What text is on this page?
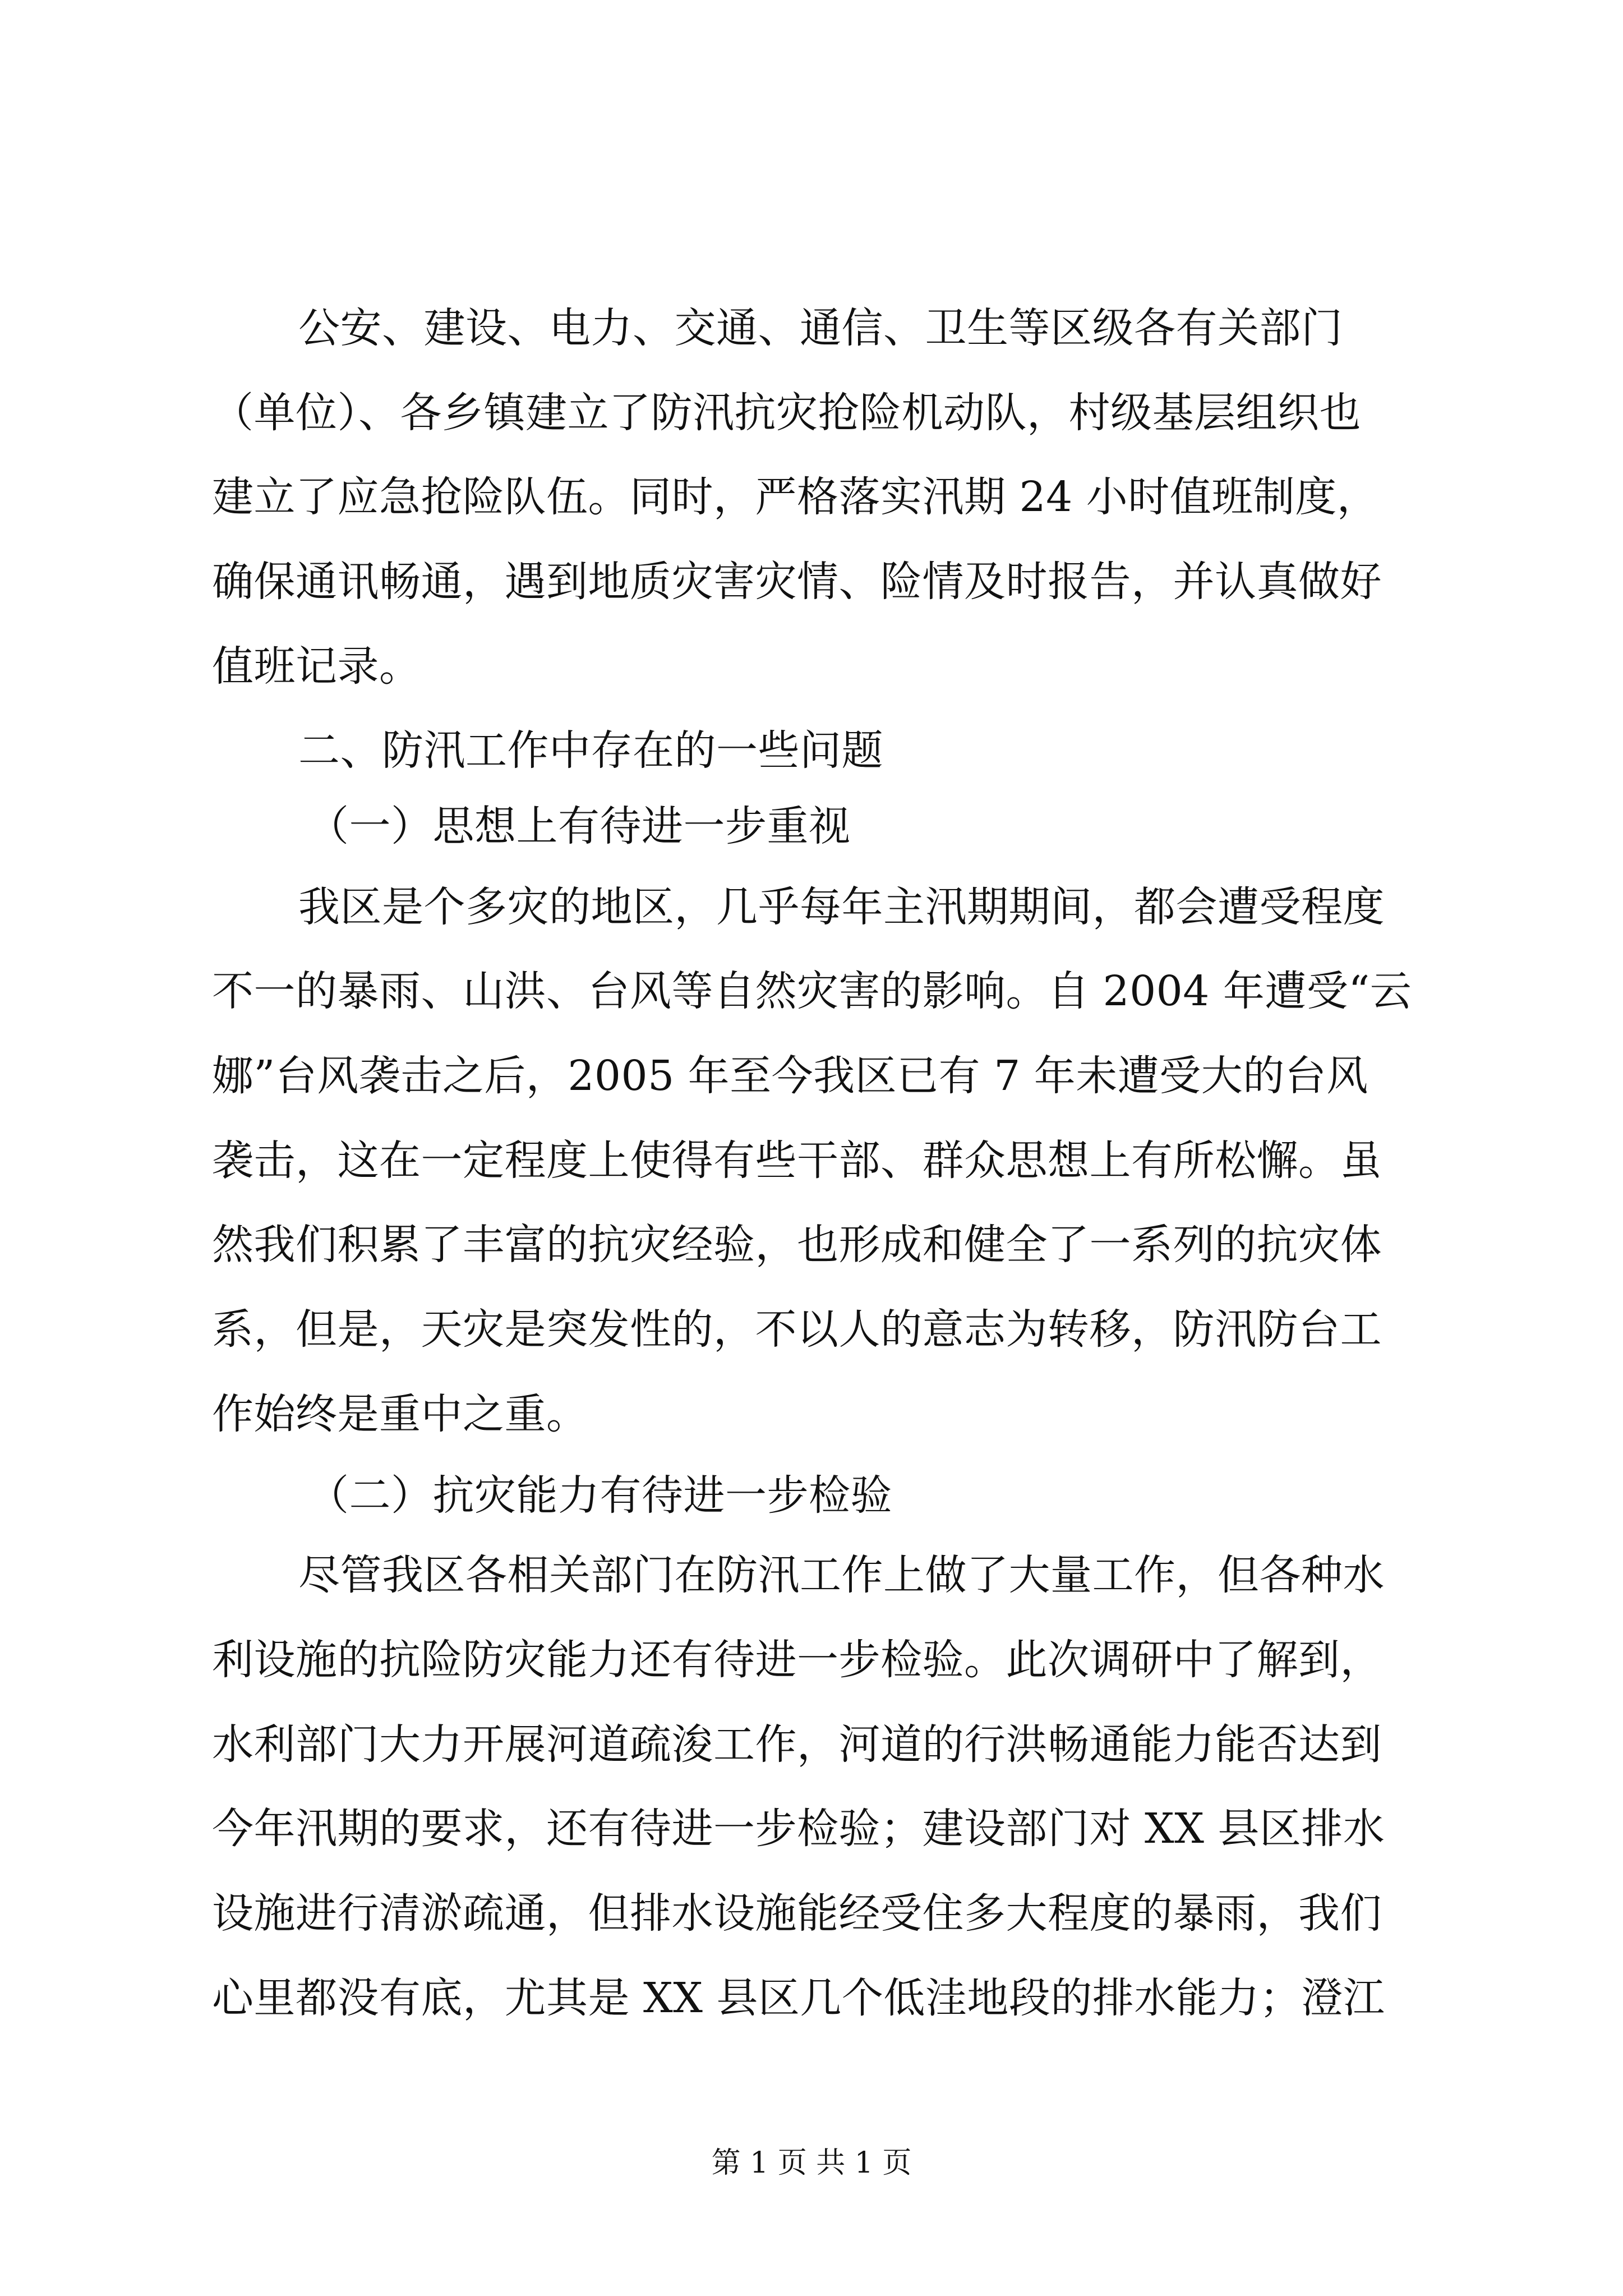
公安、建设、电力、交通、通信、卫生等区级各有关部门
（单位）、各乡镇建立了防汛抗灾抢险机动队，村级基层组织也
建立了应急抢险队伍。同时，严格落实汛期 24 小时值班制度，
确保通讯畅通，遇到地质灾害灾情、险情及时报告，并认真做好
值班记录。
二、防汛工作中存在的一些问题
（一）思想上有待进一步重视
我区是个多灾的地区，几乎每年主汛期期间，都会遭受程度
不一的暴雨、山洪、台风等自然灾害的影响。自 2004 年遭受“云
娜”台风袭击之后，2005 年至今我区已有 7 年未遭受大的台风
袭击，这在一定程度上使得有些干部、群众思想上有所松懈。虽
然我们积累了丰富的抗灾经验，也形成和健全了一系列的抗灾体
系，但是，天灾是突发性的，不以人的意志为转移，防汛防台工
作始终是重中之重。
（二）抗灾能力有待进一步检验
尽管我区各相关部门在防汛工作上做了大量工作，但各种水
利设施的抗险防灾能力还有待进一步检验。此次调研中了解到，
水利部门大力开展河道疏浚工作，河道的行洪畅通能力能否达到
今年汛期的要求，还有待进一步检验；建设部门对 XX 县区排水
设施进行清淤疏通，但排水设施能经受住多大程度的暴雨，我们
心里都没有底，尤其是 XX 县区几个低洼地段的排水能力；澄江
第 1 页 共 1 页
